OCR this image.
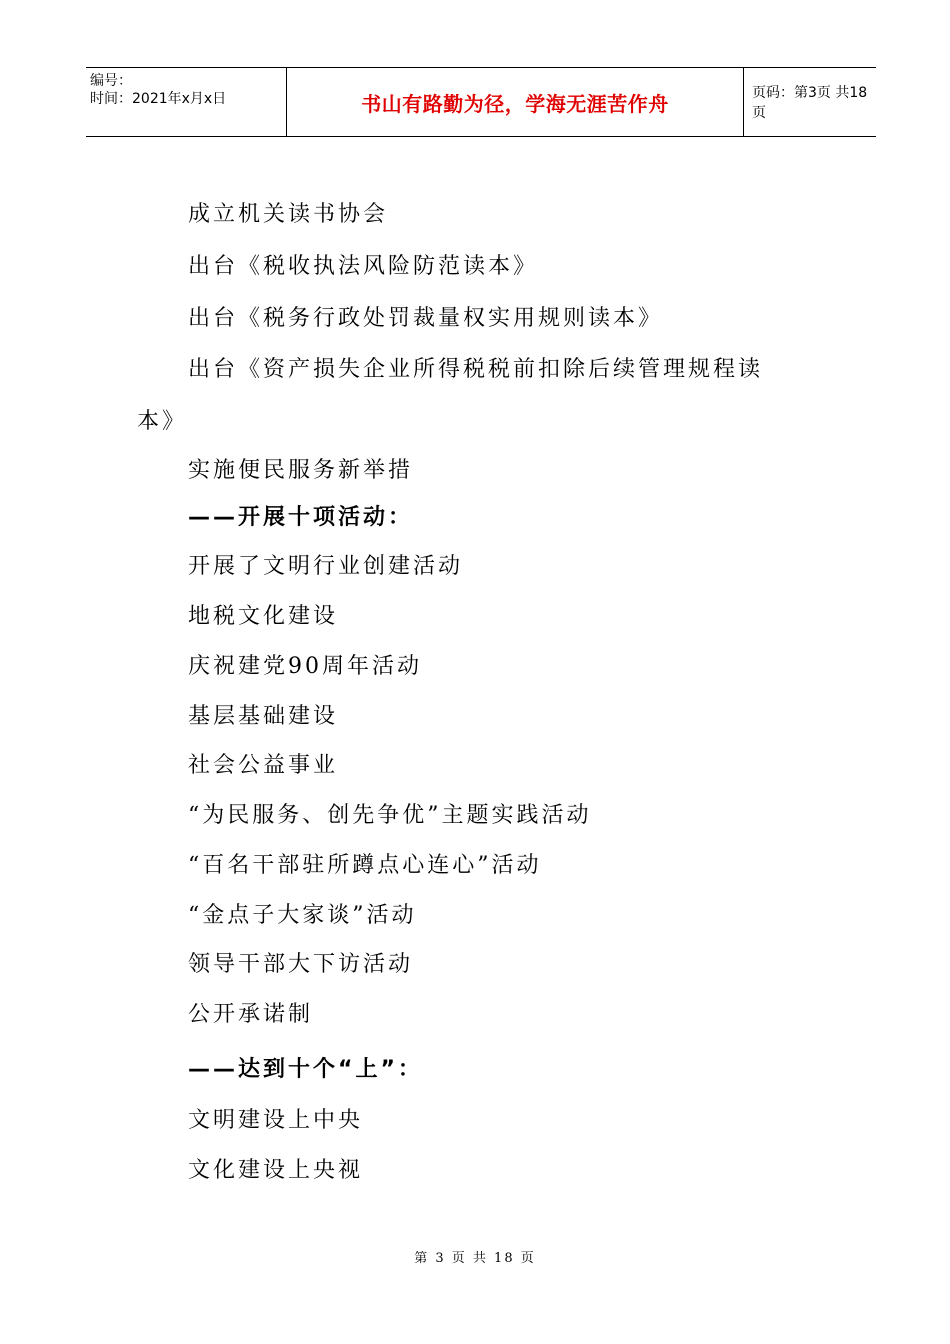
编号：
时间：2021年x月x日	书山有路勤为径，学海无涯苦作舟	页码：第3页 共18页
成立机关读书协会
出台《税收执法风险防范读本》
出台《税务行政处罚裁量权实用规则读本》
出台《资产损失企业所得税税前扣除后续管理规程读
本》
实施便民服务新举措
——开展十项活动：
开展了文明行业创建活动
地税文化建设
庆祝建党90周年活动
基层基础建设
社会公益事业
“为民服务、创先争优”主题实践活动
“百名干部驻所蹲点心连心”活动
“金点子大家谈”活动
领导干部大下访活动
公开承诺制
——达到十个“上”：
文明建设上中央
文化建设上央视
第 3 页 共 18 页
